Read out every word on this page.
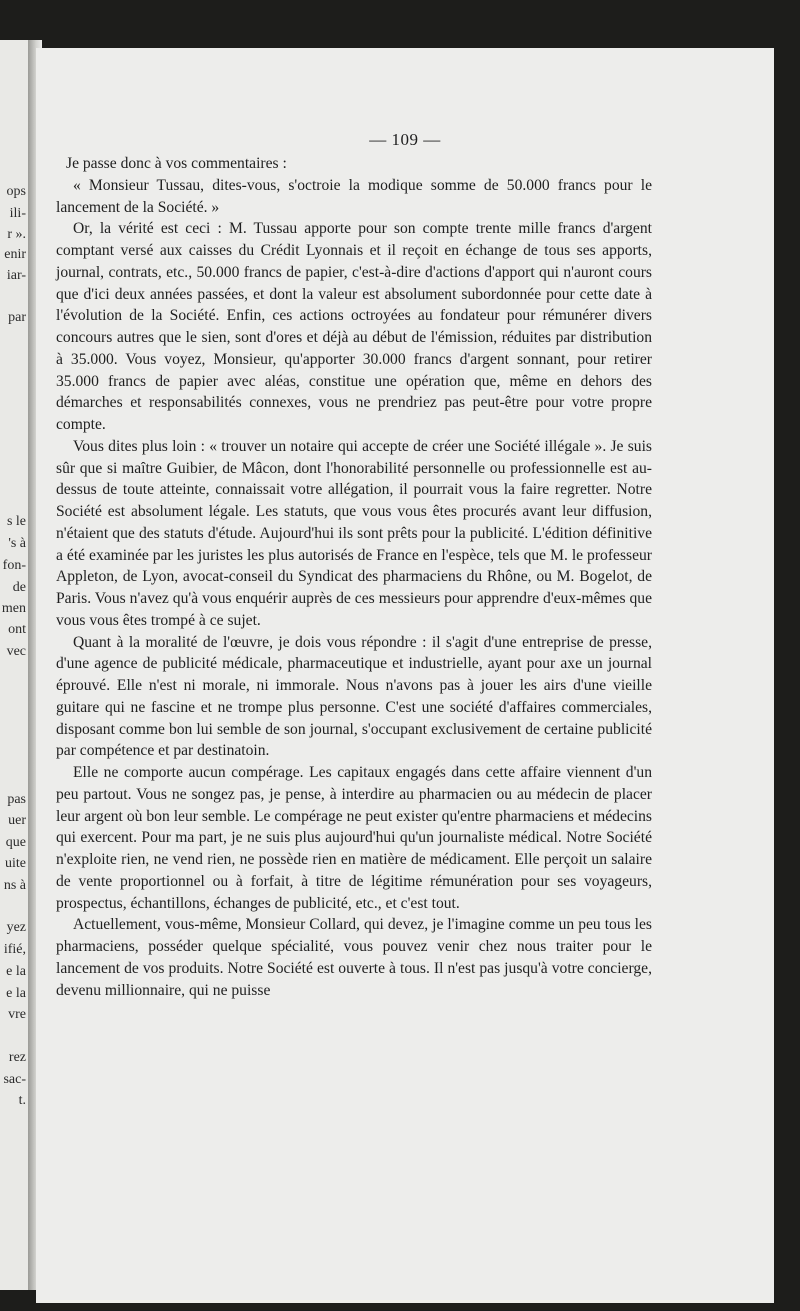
ops
ili-
r ».
enir
iar-
par
s le
's à
fon-
de
men
ont
vec
pas
uer
que
uite
ns à
yez
ifié,
e la
e la
vre
rez
sac-
t.
— 109 —

Je passe donc à vos commentaires :

« Monsieur Tussau, dites-vous, s'octroie la modique somme de 50.000 francs pour le lancement de la Société. »

Or, la vérité est ceci : M. Tussau apporte pour son compte trente mille francs d'argent comptant versé aux caisses du Crédit Lyonnais et il reçoit en échange de tous ses apports, journal, contrats, etc., 50.000 francs de papier, c'est-à-dire d'actions d'apport qui n'auront cours que d'ici deux années passées, et dont la valeur est absolument subordonnée pour cette date à l'évolution de la Société. Enfin, ces actions octroyées au fondateur pour rémunérer divers concours autres que le sien, sont d'ores et déjà au début de l'émission, réduites par distribution à 35.000. Vous voyez, Monsieur, qu'apporter 30.000 francs d'argent sonnant, pour retirer 35.000 francs de papier avec aléas, constitue une opération que, même en dehors des démarches et responsabilités connexes, vous ne prendriez pas peut-être pour votre propre compte.

Vous dites plus loin : « trouver un notaire qui accepte de créer une Société illégale ». Je suis sûr que si maître Guibier, de Mâcon, dont l'honorabilité personnelle ou professionnelle est au-dessus de toute atteinte, connaissait votre allégation, il pourrait vous la faire regretter. Notre Société est absolument légale. Les statuts, que vous vous êtes procurés avant leur diffusion, n'étaient que des statuts d'étude. Aujourd'hui ils sont prêts pour la publicité. L'édition définitive a été examinée par les juristes les plus autorisés de France en l'espèce, tels que M. le professeur Appleton, de Lyon, avocat-conseil du Syndicat des pharmaciens du Rhône, ou M. Bogelot, de Paris. Vous n'avez qu'à vous enquérir auprès de ces messieurs pour apprendre d'eux-mêmes que vous vous êtes trompé à ce sujet.

Quant à la moralité de l'œuvre, je dois vous répondre : il s'agit d'une entreprise de presse, d'une agence de publicité médicale, pharmaceutique et industrielle, ayant pour axe un journal éprouvé. Elle n'est ni morale, ni immorale. Nous n'avons pas à jouer les airs d'une vieille guitare qui ne fascine et ne trompe plus personne. C'est une société d'affaires commerciales, disposant comme bon lui semble de son journal, s'occupant exclusivement de certaine publicité par compétence et par destinatoin.

Elle ne comporte aucun compérage. Les capitaux engagés dans cette affaire viennent d'un peu partout. Vous ne songez pas, je pense, à interdire au pharmacien ou au médecin de placer leur argent où bon leur semble. Le compérage ne peut exister qu'entre pharmaciens et médecins qui exercent. Pour ma part, je ne suis plus aujourd'hui qu'un journaliste médical. Notre Société n'exploite rien, ne vend rien, ne possède rien en matière de médicament. Elle perçoit un salaire de vente proportionnel ou à forfait, à titre de légitime rémunération pour ses voyageurs, prospectus, échantillons, échanges de publicité, etc., et c'est tout.

Actuellement, vous-même, Monsieur Collard, qui devez, je l'imagine comme un peu tous les pharmaciens, posséder quelque spécialité, vous pouvez venir chez nous traiter pour le lancement de vos produits. Notre Société est ouverte à tous. Il n'est pas jusqu'à votre concierge, devenu millionnaire, qui ne puisse
